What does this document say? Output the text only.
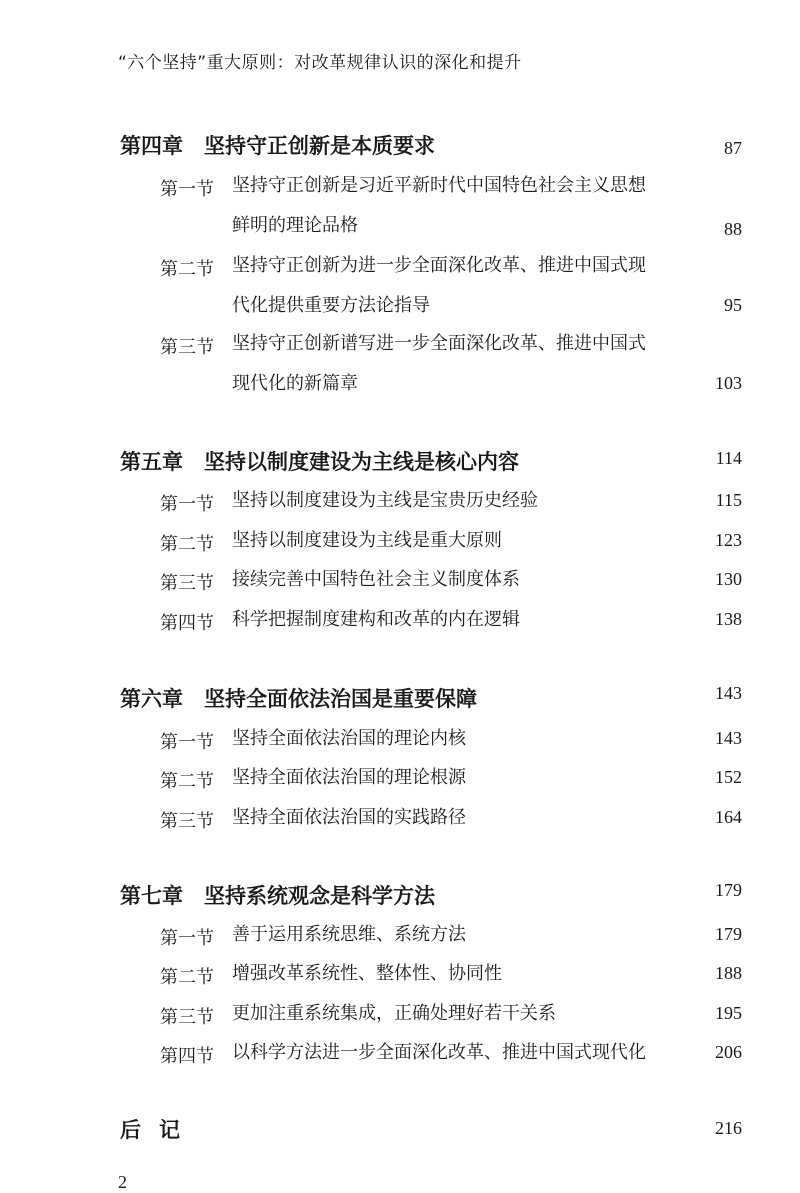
“六个坚持”重大原则：对改革规律认识的深化和提升
第四章 坚持守正创新是本质要求	87
第一节 坚持守正创新是习近平新时代中国特色社会主义思想鲜明的理论品格	88
第二节 坚持守正创新为进一步全面深化改革、推进中国式现代化提供重要方法论指导	95
第三节 坚持守正创新谱写进一步全面深化改革、推进中国式现代化的新篇章	103
第五章 坚持以制度建设为主线是核心内容	114
第一节 坚持以制度建设为主线是宝贵历史经验	115
第二节 坚持以制度建设为主线是重大原则	123
第三节 接续完善中国特色社会主义制度体系	130
第四节 科学把握制度建构和改革的内在逻辑	138
第六章 坚持全面依法治国是重要保障	143
第一节 坚持全面依法治国的理论内核	143
第二节 坚持全面依法治国的理论根源	152
第三节 坚持全面依法治国的实践路径	164
第七章 坚持系统观念是科学方法	179
第一节 善于运用系统思维、系统方法	179
第二节 增强改革系统性、整体性、协同性	188
第三节 更加注重系统集成，正确处理好若干关系	195
第四节 以科学方法进一步全面深化改革、推进中国式现代化	206
后记	216
2
